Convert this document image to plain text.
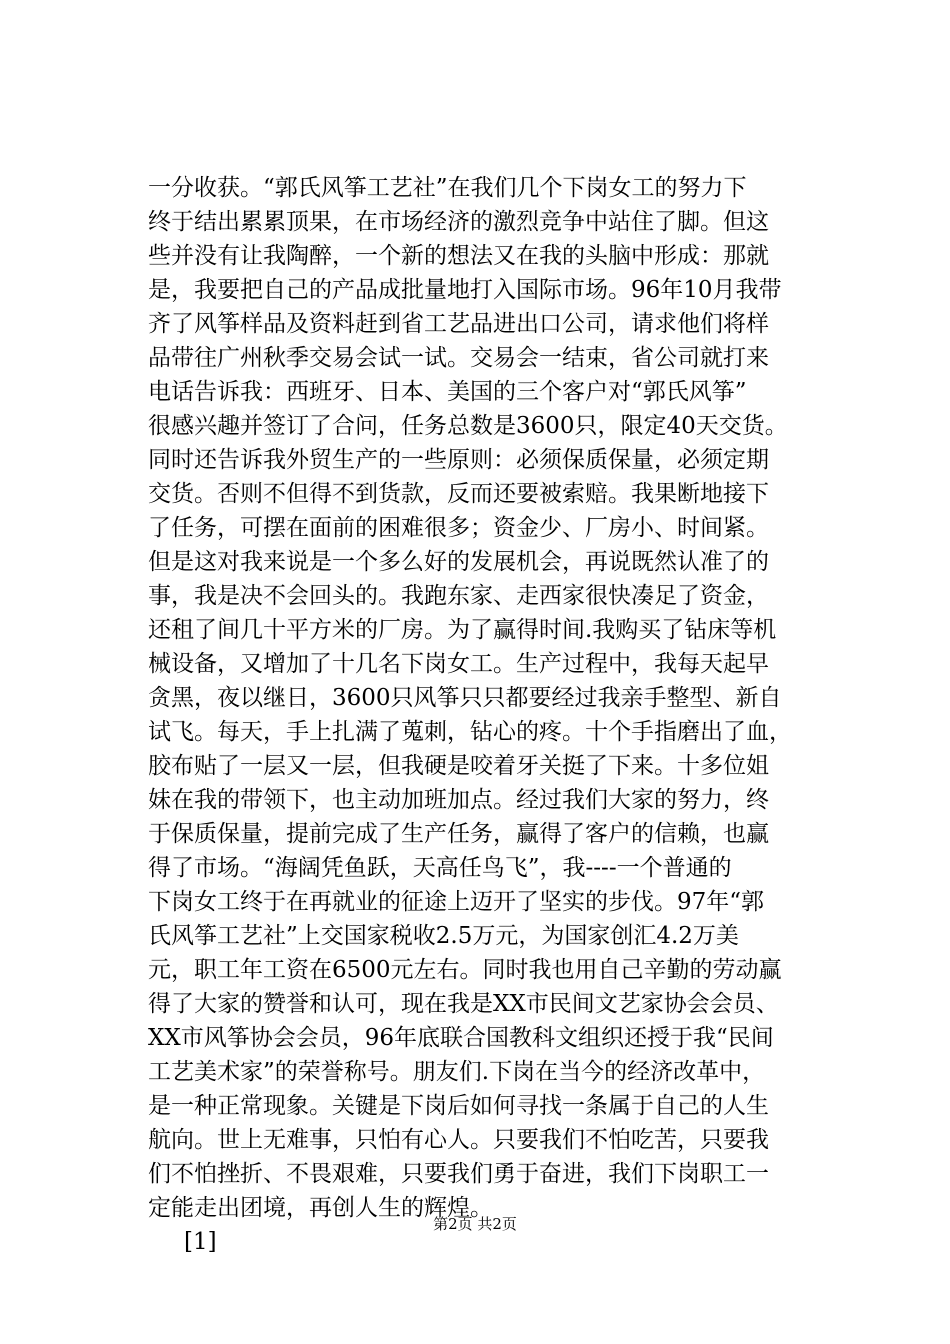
一分收获。“郭氏风筝工艺社”在我们几个下岗女工的努力下
终于结出累累顶果，在市场经济的激烈竞争中站住了脚。但这
些并没有让我陶醉，一个新的想法又在我的头脑中形成：那就
是，我要把自己的产品成批量地打入国际市场。96年10月我带
齐了风筝样品及资料赶到省工艺品进出口公司，请求他们将样
品带往广州秋季交易会试一试。交易会一结束，省公司就打来
电话告诉我：西班牙、日本、美国的三个客户对“郭氏风筝”
很感兴趣并签订了合问，任务总数是3600只，限定40天交货。
同时还告诉我外贸生产的一些原则：必须保质保量，必须定期
交货。否则不但得不到货款，反而还要被索赔。我果断地接下
了任务，可摆在面前的困难很多；资金少、厂房小、时间紧。
但是这对我来说是一个多么好的发展机会，再说既然认准了的
事，我是决不会回头的。我跑东家、走西家很快凑足了资金，
还租了间几十平方米的厂房。为了赢得时间.我购买了钻床等机
械设备，又增加了十几名下岗女工。生产过程中，我每天起早
贪黑，夜以继日，3600只风筝只只都要经过我亲手整型、新自
试飞。每天，手上扎满了蒐刺，钻心的疼。十个手指磨出了血，
胶布贴了一层又一层，但我硬是咬着牙关挺了下来。十多位姐
妹在我的带领下，也主动加班加点。经过我们大家的努力，终
于保质保量，提前完成了生产任务，赢得了客户的信赖，也赢
得了市场。“海阔凭鱼跃，天高任鸟飞”，我----一个普通的
下岗女工终于在再就业的征途上迈开了坚实的步伐。97年“郭
氏风筝工艺社”上交国家税收2.5万元，为国家创汇4.2万美
元，职工年工资在6500元左右。同时我也用自己辛勤的劳动赢
得了大家的赞誉和认可，现在我是XX市民间文艺家协会会员、
XX市风筝协会会员，96年底联合国教科文组织还授于我“民间
工艺美术家”的荣誉称号。朋友们.下岗在当今的经济改革中，
是一种正常现象。关键是下岗后如何寻找一条属于自己的人生
航向。世上无难事，只怕有心人。只要我们不怕吃苦，只要我
们不怕挫折、不畏艰难，只要我们勇于奋进，我们下岗职工一
定能走出团境，再创人生的辉煌。
[1]
第2页 共2页
